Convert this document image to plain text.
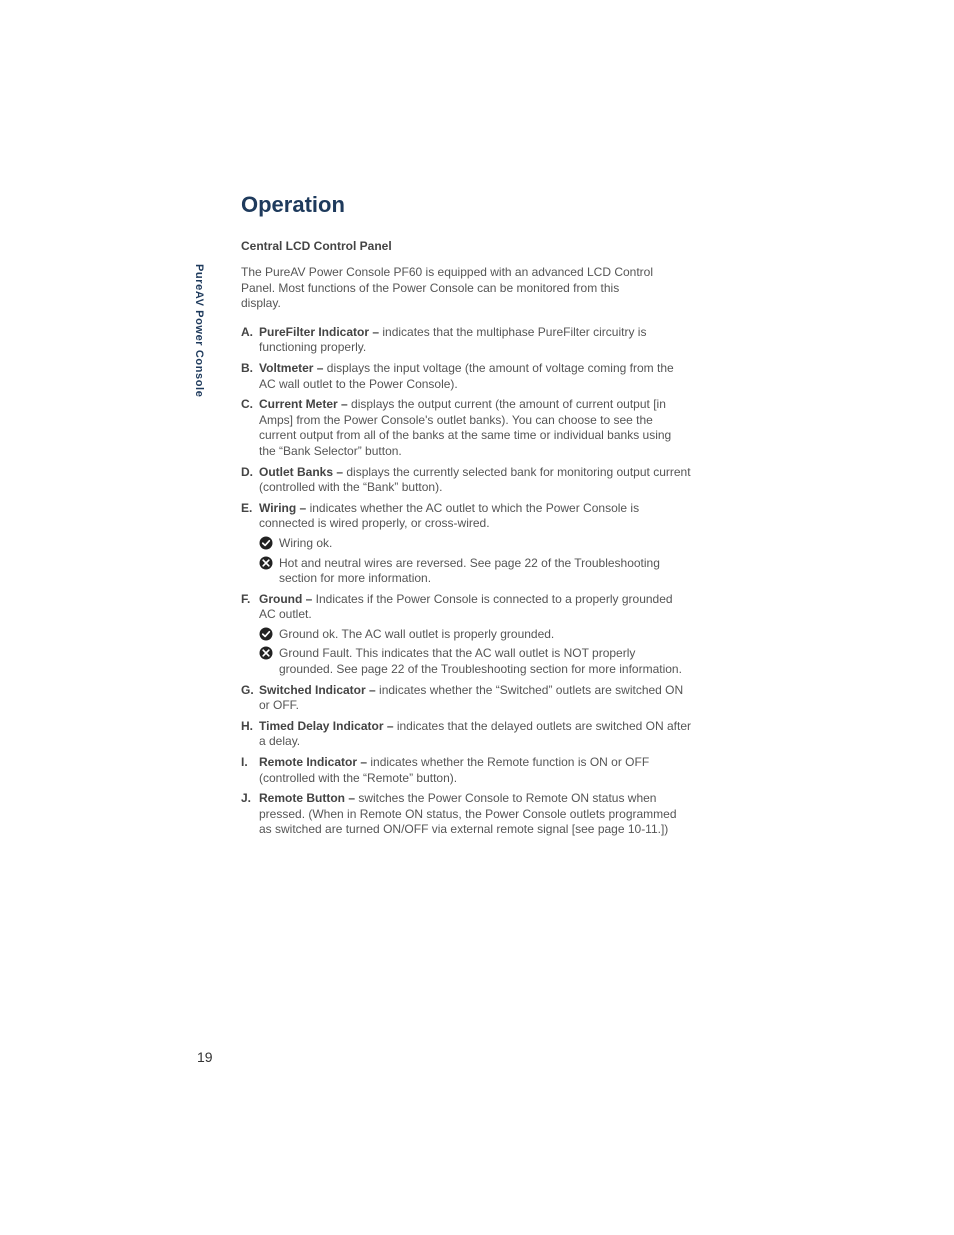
PureAV Power Console
Operation
Central LCD Control Panel

The PureAV Power Console PF60 is equipped with an advanced LCD Control Panel. Most functions of the Power Console can be monitored from this display.

A. PureFilter Indicator – indicates that the multiphase PureFilter circuitry is functioning properly.
B. Voltmeter – displays the input voltage (the amount of voltage coming from the AC wall outlet to the Power Console).
C. Current Meter – displays the output current (the amount of current output [in Amps] from the Power Console's outlet banks). You can choose to see the current output from all of the banks at the same time or individual banks using the “Bank Selector” button.
D. Outlet Banks – displays the currently selected bank for monitoring output current (controlled with the “Bank” button).
E. Wiring – indicates whether the AC outlet to which the Power Console is connected is wired properly, or cross-wired.
Wiring ok.
Hot and neutral wires are reversed. See page 22 of the Troubleshooting section for more information.
F. Ground – Indicates if the Power Console is connected to a properly grounded AC outlet.
Ground ok. The AC wall outlet is properly grounded.
Ground Fault. This indicates that the AC wall outlet is NOT properly grounded. See page 22 of the Troubleshooting section for more information.
G. Switched Indicator – indicates whether the “Switched” outlets are switched ON or OFF.
H. Timed Delay Indicator – indicates that the delayed outlets are switched ON after a delay.
I. Remote Indicator – indicates whether the Remote function is ON or OFF (controlled with the “Remote” button).
J. Remote Button – switches the Power Console to Remote ON status when pressed. (When in Remote ON status, the Power Console outlets programmed as switched are turned ON/OFF via external remote signal [see page 10-11.])
19
